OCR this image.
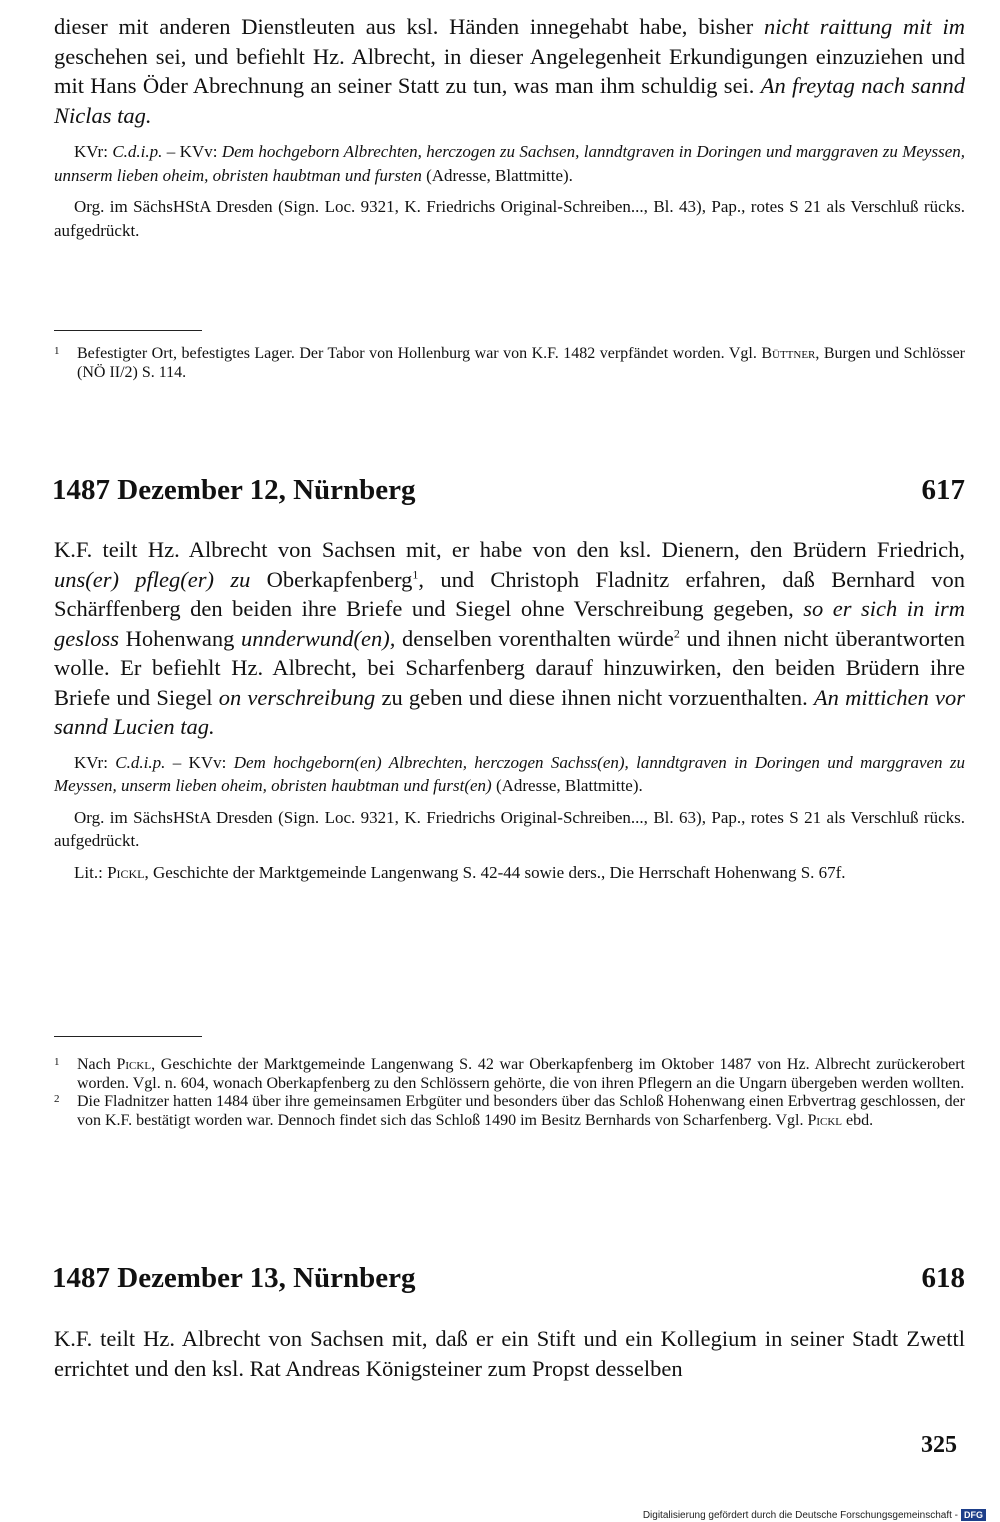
dieser mit anderen Dienstleuten aus ksl. Händen innegehabt habe, bisher nicht raittung mit im geschehen sei, und befiehlt Hz. Albrecht, in dieser Angelegenheit Erkundigungen einzuziehen und mit Hans Öder Abrechnung an seiner Statt zu tun, was man ihm schuldig sei. An freytag nach sannd Niclas tag.

KVr: C.d.i.p. – KVv: Dem hochgeborn Albrechten, herczogen zu Sachsen, lanndtgraven in Doringen und marggraven zu Meyssen, unnserm lieben oheim, obristen haubtman und fursten (Adresse, Blattmitte).

Org. im SächsHStA Dresden (Sign. Loc. 9321, K. Friedrichs Original-Schreiben..., Bl. 43), Pap., rotes S 21 als Verschluß rücks. aufgedrückt.

1 Befestigter Ort, befestigtes Lager. Der Tabor von Hollenburg war von K.F. 1482 verpfändet worden. Vgl. Büttner, Burgen und Schlösser (NÖ II/2) S. 114.

1487 Dezember 12, Nürnberg	617

K.F. teilt Hz. Albrecht von Sachsen mit, er habe von den ksl. Dienern, den Brüdern Friedrich, uns(er) pfleg(er) zu Oberkapfenberg$^1$, und Christoph Fladnitz erfahren, daß Bernhard von Schärffenberg den beiden ihre Briefe und Siegel ohne Verschreibung gegeben, so er sich in irm gesloss Hohenwang unnderwund(en), denselben vorenthalten würde$^2$ und ihnen nicht überantworten wolle. Er befiehlt Hz. Albrecht, bei Scharfenberg darauf hinzuwirken, den beiden Brüdern ihre Briefe und Siegel on verschreibung zu geben und diese ihnen nicht vorzuenthalten. An mittichen vor sannd Lucien tag.

KVr: C.d.i.p. – KVv: Dem hochgeborn(en) Albrechten, herczogen Sachss(en), lanndtgraven in Doringen und marggraven zu Meyssen, unserm lieben oheim, obristen haubtman und furst(en) (Adresse, Blattmitte).

Org. im SächsHStA Dresden (Sign. Loc. 9321, K. Friedrichs Original-Schreiben..., Bl. 63), Pap., rotes S 21 als Verschluß rücks. aufgedrückt.

Lit.: Pickl, Geschichte der Marktgemeinde Langenwang S. 42-44 sowie ders., Die Herrschaft Hohenwang S. 67f.

1 Nach Pickl, Geschichte der Marktgemeinde Langenwang S. 42 war Oberkapfenberg im Oktober 1487 von Hz. Albrecht zurückerobert worden. Vgl. n. 604, wonach Oberkapfenberg zu den Schlössern gehörte, die von ihren Pflegern an die Ungarn übergeben werden wollten.

2 Die Fladnitzer hatten 1484 über ihre gemeinsamen Erbgüter und besonders über das Schloß Hohenwang einen Erbvertrag geschlossen, der von K.F. bestätigt worden war. Dennoch findet sich das Schloß 1490 im Besitz Bernhards von Scharfenberg. Vgl. Pickl ebd.

1487 Dezember 13, Nürnberg	618

K.F. teilt Hz. Albrecht von Sachsen mit, daß er ein Stift und ein Kollegium in seiner Stadt Zwettl errichtet und den ksl. Rat Andreas Königsteiner zum Propst desselben

325
Digitalisierung gefördert durch die Deutsche Forschungsgemeinschaft - DFG
